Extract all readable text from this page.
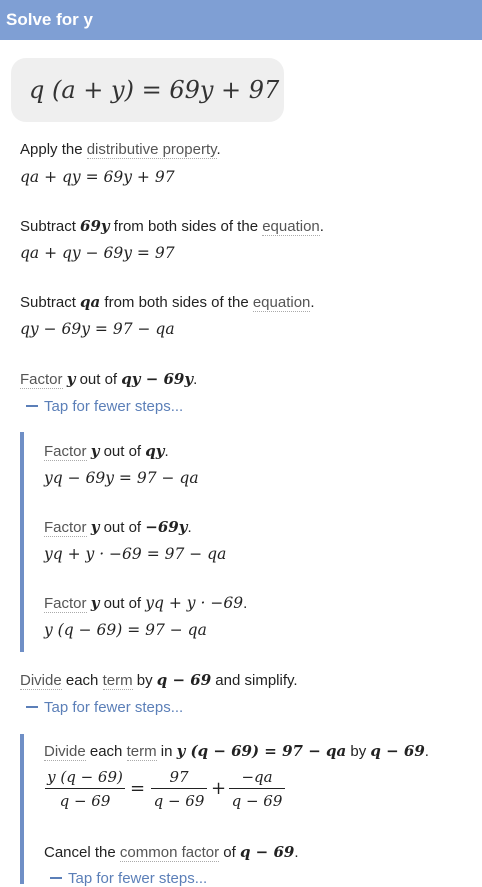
Solve for y
q (a + y) = 69y + 97
Apply the distributive property.
qa + qy = 69y + 97
Subtract 69y from both sides of the equation.
qa + qy − 69y = 97
Subtract qa from both sides of the equation.
qy − 69y = 97 − qa
Factor y out of qy − 69y.
Tap for fewer steps...
Factor y out of qy.
yq − 69y = 97 − qa
Factor y out of −69y.
yq + y · −69 = 97 − qa
Factor y out of yq + y · −69.
y (q − 69) = 97 − qa
Divide each term by q − 69 and simplify.
Tap for fewer steps...
Divide each term in y (q − 69) = 97 − qa by q − 69.
$\frac{y (q - 69)}{q - 69} = \frac{97}{q - 69} + \frac{-qa}{q - 69}$
Cancel the common factor of q − 69.
Tap for fewer steps...
